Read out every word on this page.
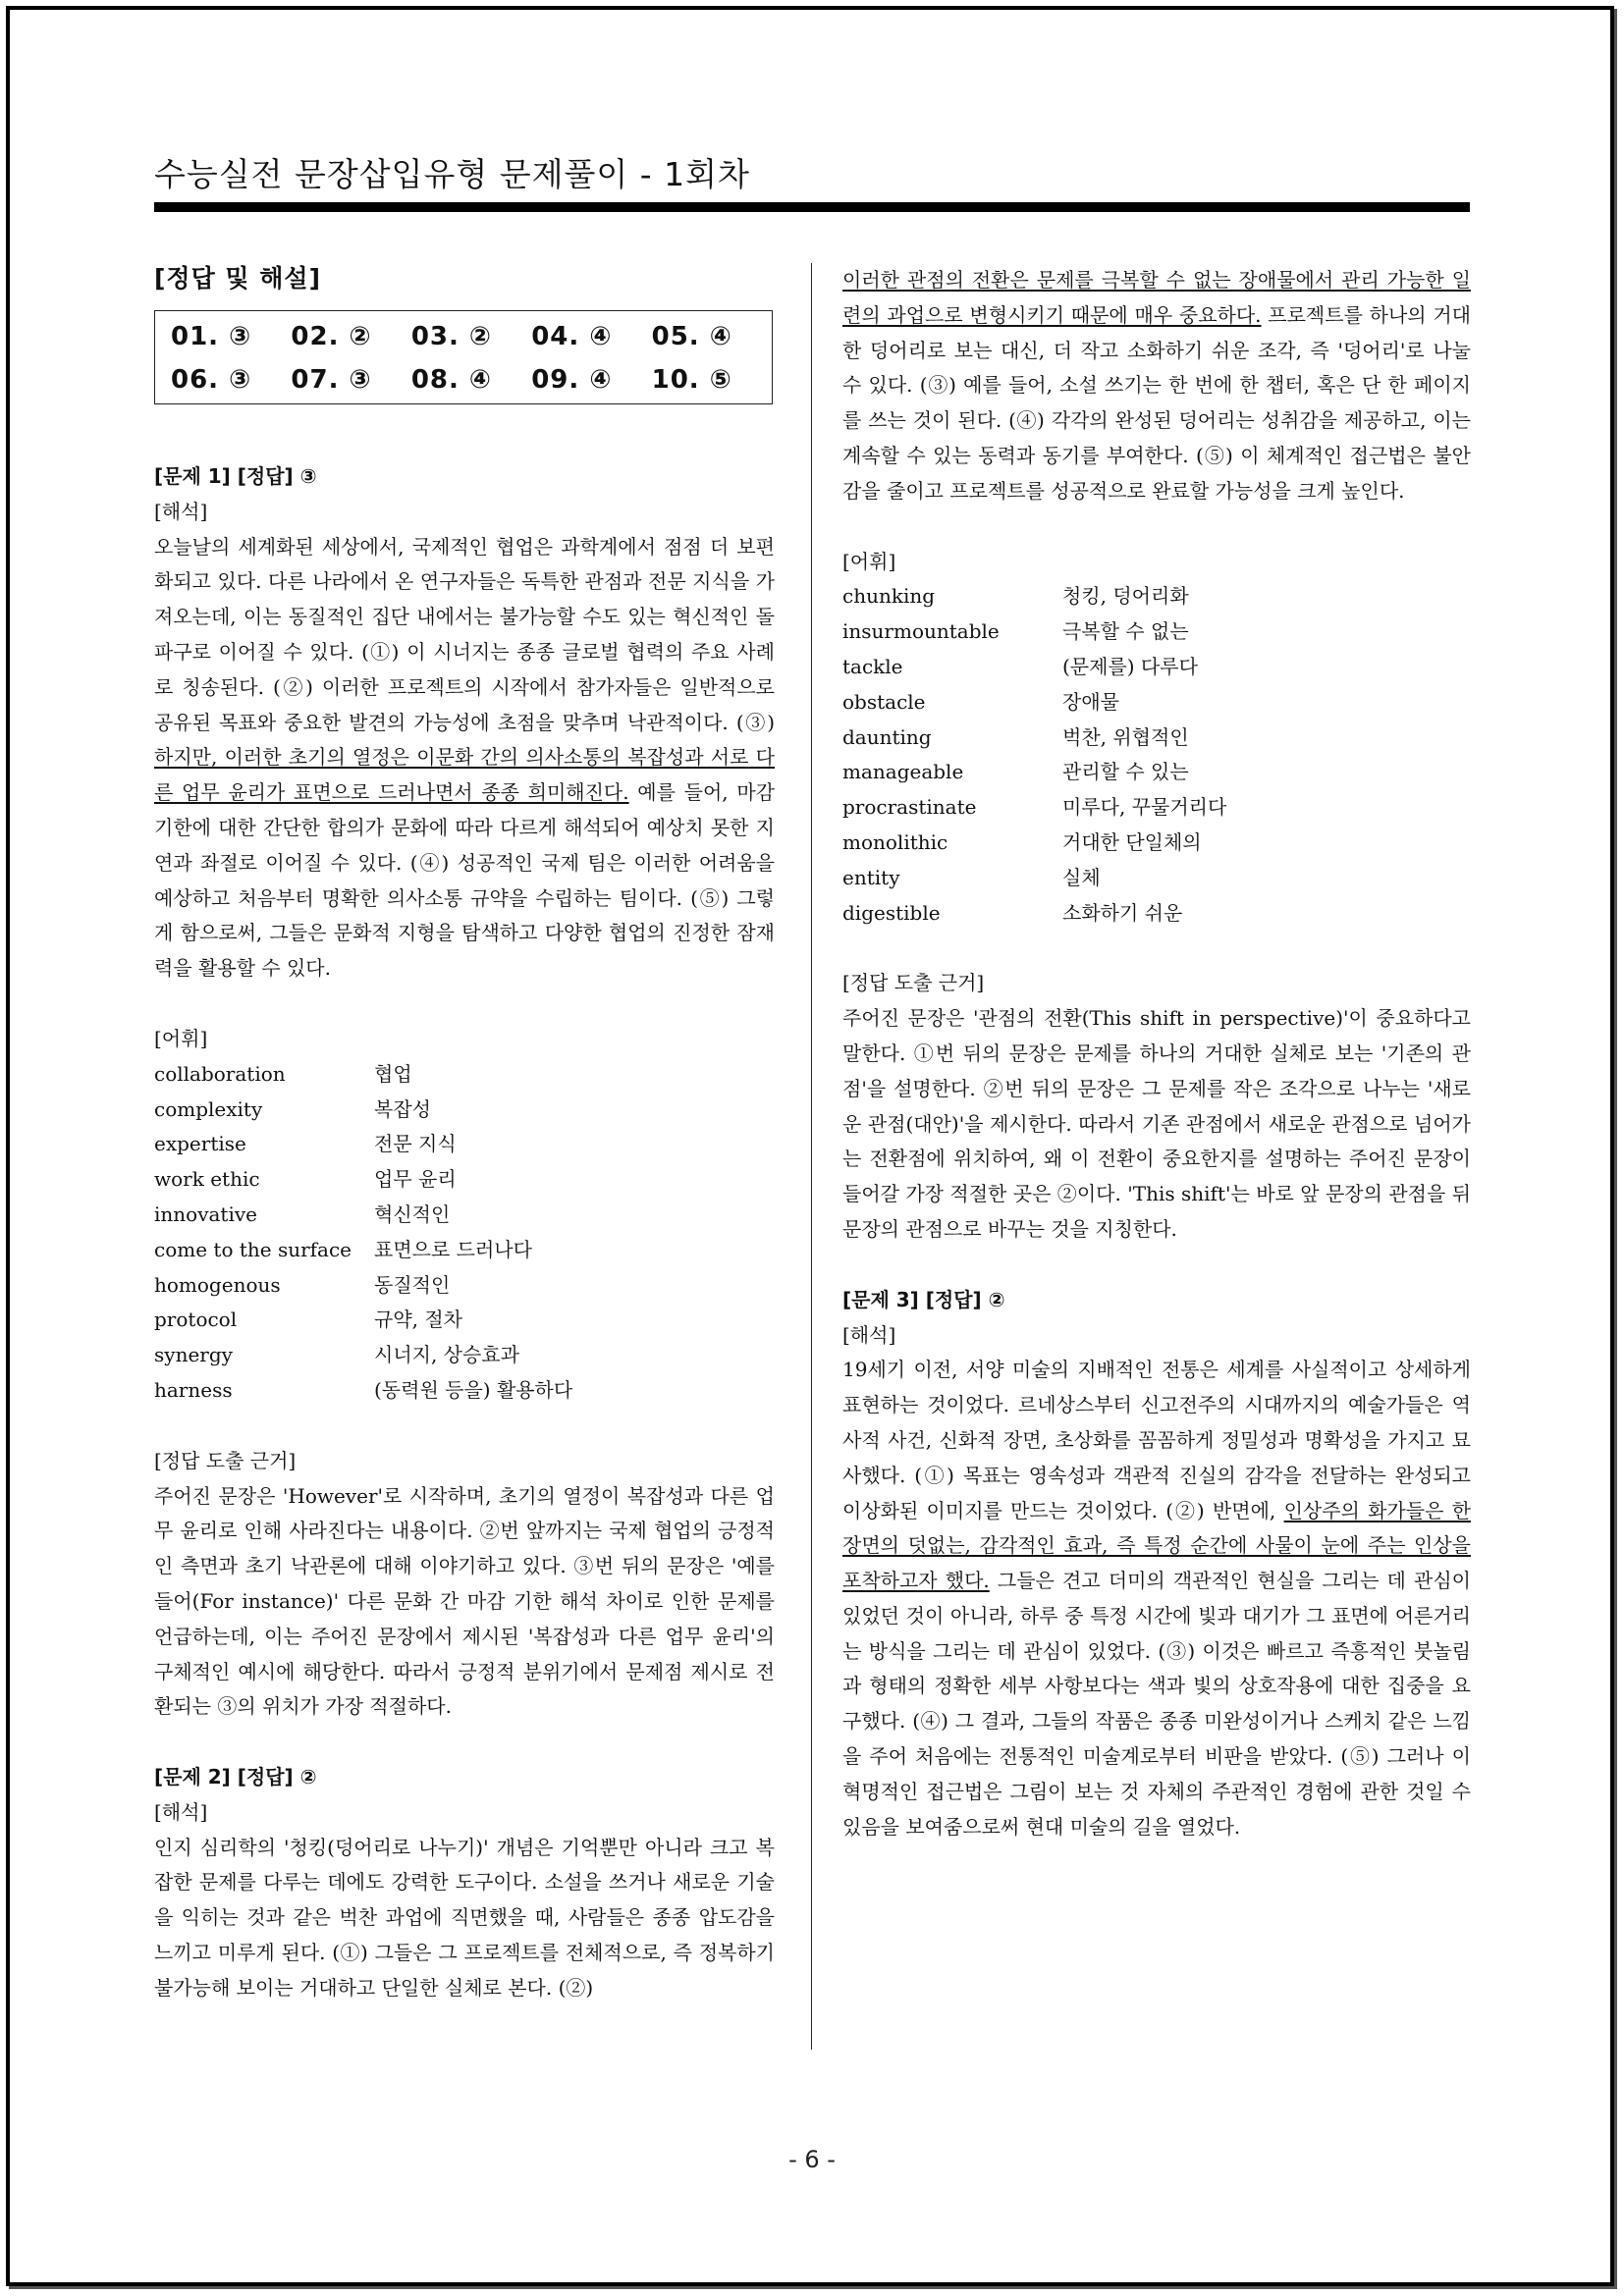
수능실전 문장삽입유형 문제풀이 - 1회차
[정답 및 해설]
01. ③	02. ②	03. ②	04. ④	05. ④
06. ③	07. ③	08. ④	09. ④	10. ⑤
[문제 1] [정답] ③
[해석]

오늘날의 세계화된 세상에서, 국제적인 협업은 과학계에서 점점 더 보편화되고 있다. 다른 나라에서 온 연구자들은 독특한 관점과 전문 지식을 가져오는데, 이는 동질적인 집단 내에서는 불가능할 수도 있는 혁신적인 돌파구로 이어질 수 있다. (①) 이 시너지는 종종 글로벌 협력의 주요 사례로 칭송된다. (②) 이러한 프로젝트의 시작에서 참가자들은 일반적으로 공유된 목표와 중요한 발견의 가능성에 초점을 맞추며 낙관적이다. (③) 하지만, 이러한 초기의 열정은 이문화 간의 의사소통의 복잡성과 서로 다른 업무 윤리가 표면으로 드러나면서 종종 희미해진다. 예를 들어, 마감 기한에 대한 간단한 합의가 문화에 따라 다르게 해석되어 예상치 못한 지연과 좌절로 이어질 수 있다. (④) 성공적인 국제 팀은 이러한 어려움을 예상하고 처음부터 명확한 의사소통 규약을 수립하는 팀이다. (⑤) 그렇게 함으로써, 그들은 문화적 지형을 탐색하고 다양한 협업의 진정한 잠재력을 활용할 수 있다.

[어휘]
collaboration	협업
complexity	복잡성
expertise	전문 지식
work ethic	업무 윤리
innovative	혁신적인
come to the surface	표면으로 드러나다
homogenous	동질적인
protocol	규약, 절차
synergy	시너지, 상승효과
harness	(동력원 등을) 활용하다
[정답 도출 근거]

주어진 문장은 'However'로 시작하며, 초기의 열정이 복잡성과 다른 업무 윤리로 인해 사라진다는 내용이다. ②번 앞까지는 국제 협업의 긍정적인 측면과 초기 낙관론에 대해 이야기하고 있다. ③번 뒤의 문장은 '예를 들어(For instance)' 다른 문화 간 마감 기한 해석 차이로 인한 문제를 언급하는데, 이는 주어진 문장에서 제시된 '복잡성과 다른 업무 윤리'의 구체적인 예시에 해당한다. 따라서 긍정적 분위기에서 문제점 제시로 전환되는 ③의 위치가 가장 적절하다.

[문제 2] [정답] ②
[해석]

인지 심리학의 '청킹(덩어리로 나누기)' 개념은 기억뿐만 아니라 크고 복잡한 문제를 다루는 데에도 강력한 도구이다. 소설을 쓰거나 새로운 기술을 익히는 것과 같은 벅찬 과업에 직면했을 때, 사람들은 종종 압도감을 느끼고 미루게 된다. (①) 그들은 그 프로젝트를 전체적으로, 즉 정복하기 불가능해 보이는 거대하고 단일한 실체로 본다. (②)

이러한 관점의 전환은 문제를 극복할 수 없는 장애물에서 관리 가능한 일련의 과업으로 변형시키기 때문에 매우 중요하다. 프로젝트를 하나의 거대한 덩어리로 보는 대신, 더 작고 소화하기 쉬운 조각, 즉 '덩어리'로 나눌 수 있다. (③) 예를 들어, 소설 쓰기는 한 번에 한 챕터, 혹은 단 한 페이지를 쓰는 것이 된다. (④) 각각의 완성된 덩어리는 성취감을 제공하고, 이는 계속할 수 있는 동력과 동기를 부여한다. (⑤) 이 체계적인 접근법은 불안감을 줄이고 프로젝트를 성공적으로 완료할 가능성을 크게 높인다.

[어휘]
chunking	청킹, 덩어리화
insurmountable	극복할 수 없는
tackle	(문제를) 다루다
obstacle	장애물
daunting	벅찬, 위협적인
manageable	관리할 수 있는
procrastinate	미루다, 꾸물거리다
monolithic	거대한 단일체의
entity	실체
digestible	소화하기 쉬운
[정답 도출 근거]

주어진 문장은 '관점의 전환(This shift in perspective)'이 중요하다고 말한다. ①번 뒤의 문장은 문제를 하나의 거대한 실체로 보는 '기존의 관점'을 설명한다. ②번 뒤의 문장은 그 문제를 작은 조각으로 나누는 '새로운 관점(대안)'을 제시한다. 따라서 기존 관점에서 새로운 관점으로 넘어가는 전환점에 위치하여, 왜 이 전환이 중요한지를 설명하는 주어진 문장이 들어갈 가장 적절한 곳은 ②이다. 'This shift'는 바로 앞 문장의 관점을 뒤 문장의 관점으로 바꾸는 것을 지칭한다.

[문제 3] [정답] ②
[해석]

19세기 이전, 서양 미술의 지배적인 전통은 세계를 사실적이고 상세하게 표현하는 것이었다. 르네상스부터 신고전주의 시대까지의 예술가들은 역사적 사건, 신화적 장면, 초상화를 꼼꼼하게 정밀성과 명확성을 가지고 묘사했다. (①) 목표는 영속성과 객관적 진실의 감각을 전달하는 완성되고 이상화된 이미지를 만드는 것이었다. (②) 반면에, 인상주의 화가들은 한 장면의 덧없는, 감각적인 효과, 즉 특정 순간에 사물이 눈에 주는 인상을 포착하고자 했다. 그들은 견고 더미의 객관적인 현실을 그리는 데 관심이 있었던 것이 아니라, 하루 중 특정 시간에 빛과 대기가 그 표면에 어른거리는 방식을 그리는 데 관심이 있었다. (③) 이것은 빠르고 즉흥적인 붓놀림과 형태의 정확한 세부 사항보다는 색과 빛의 상호작용에 대한 집중을 요구했다. (④) 그 결과, 그들의 작품은 종종 미완성이거나 스케치 같은 느낌을 주어 처음에는 전통적인 미술계로부터 비판을 받았다. (⑤) 그러나 이 혁명적인 접근법은 그림이 보는 것 자체의 주관적인 경험에 관한 것일 수 있음을 보여줌으로써 현대 미술의 길을 열었다.

- 6 -
